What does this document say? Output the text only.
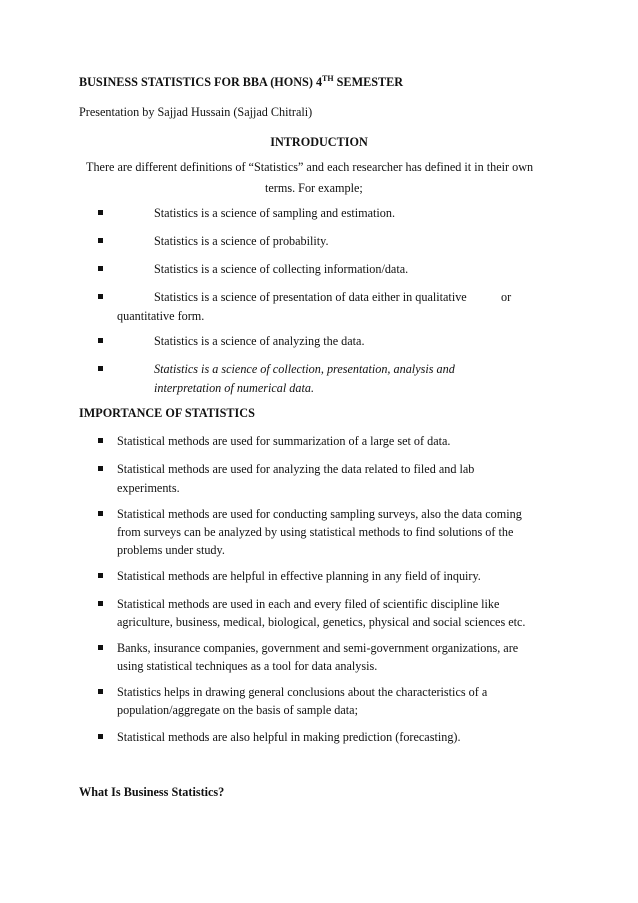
BUSINESS STATISTICS FOR BBA (HONS) 4TH SEMESTER
Presentation by Sajjad Hussain (Sajjad Chitrali)
INTRODUCTION
There are different definitions of “Statistics” and each researcher has defined it in their own
terms. For example;
Statistics is a science of sampling and estimation.
Statistics is a science of probability.
Statistics is a science of collecting information/data.
Statistics is a science of presentation of data either in qualitative	or
quantitative form.
Statistics is a science of analyzing the data.
Statistics is a science of collection, presentation, analysis and
interpretation of numerical data.
IMPORTANCE OF STATISTICS
Statistical methods are used for summarization of a large set of data.
Statistical methods are used for analyzing the data related to filed and lab
experiments.
Statistical methods are used for conducting sampling surveys, also the data coming
from surveys can be analyzed by using statistical methods to find solutions of the
problems under study.
Statistical methods are helpful in effective planning in any field of inquiry.
Statistical methods are used in each and every filed of scientific discipline like
agriculture, business, medical, biological, genetics, physical and social sciences etc.
Banks, insurance companies, government and semi-government organizations, are
using statistical techniques as a tool for data analysis.
Statistics helps in drawing general conclusions about the characteristics of a
population/aggregate on the basis of sample data;
Statistical methods are also helpful in making prediction (forecasting).
What Is Business Statistics?
